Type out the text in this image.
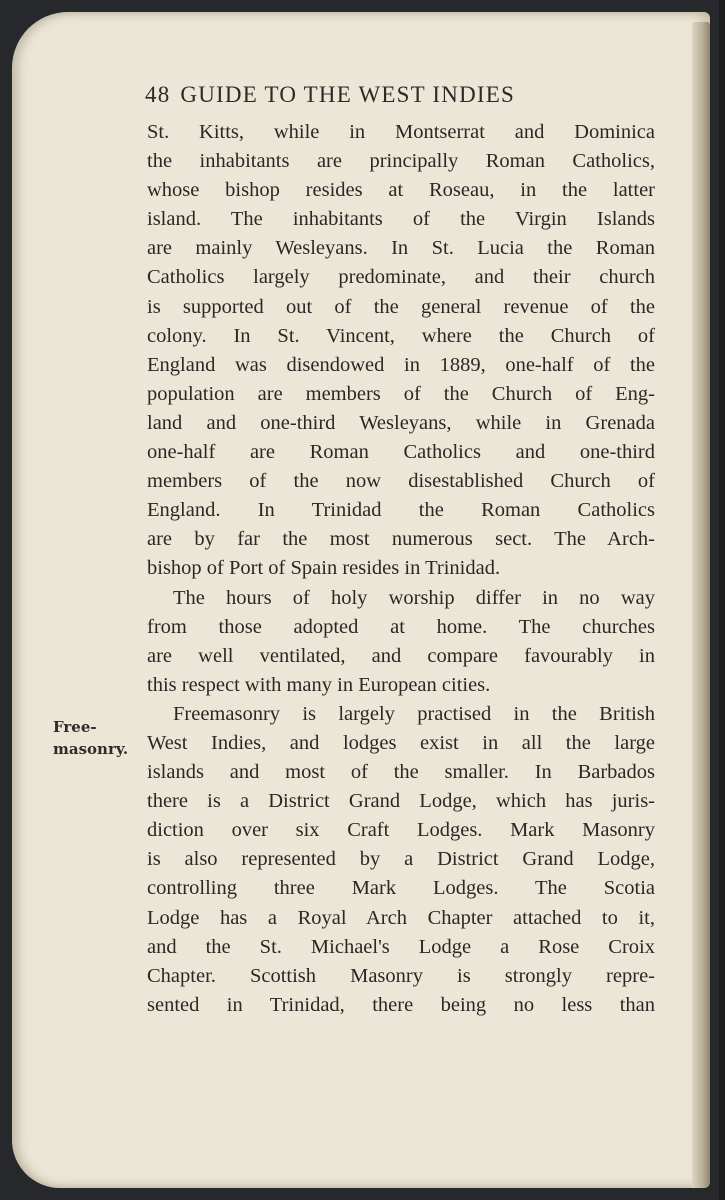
48 GUIDE TO THE WEST INDIES
Free-
masonry.
St. Kitts, while in Montserrat and Dominica
the inhabitants are principally Roman Catholics,
whose bishop resides at Roseau, in the latter
island. The inhabitants of the Virgin Islands
are mainly Wesleyans. In St. Lucia the Roman
Catholics largely predominate, and their church
is supported out of the general revenue of the
colony. In St. Vincent, where the Church of
England was disendowed in 1889, one-half of the
population are members of the Church of Eng-
land and one-third Wesleyans, while in Grenada
one-half are Roman Catholics and one-third
members of the now disestablished Church of
England. In Trinidad the Roman Catholics
are by far the most numerous sect. The Arch-
bishop of Port of Spain resides in Trinidad.
The hours of holy worship differ in no way
from those adopted at home. The churches
are well ventilated, and compare favourably in
this respect with many in European cities.
Freemasonry is largely practised in the British
West Indies, and lodges exist in all the large
islands and most of the smaller. In Barbados
there is a District Grand Lodge, which has juris-
diction over six Craft Lodges. Mark Masonry
is also represented by a District Grand Lodge,
controlling three Mark Lodges. The Scotia
Lodge has a Royal Arch Chapter attached to it,
and the St. Michael's Lodge a Rose Croix
Chapter. Scottish Masonry is strongly repre-
sented in Trinidad, there being no less than
